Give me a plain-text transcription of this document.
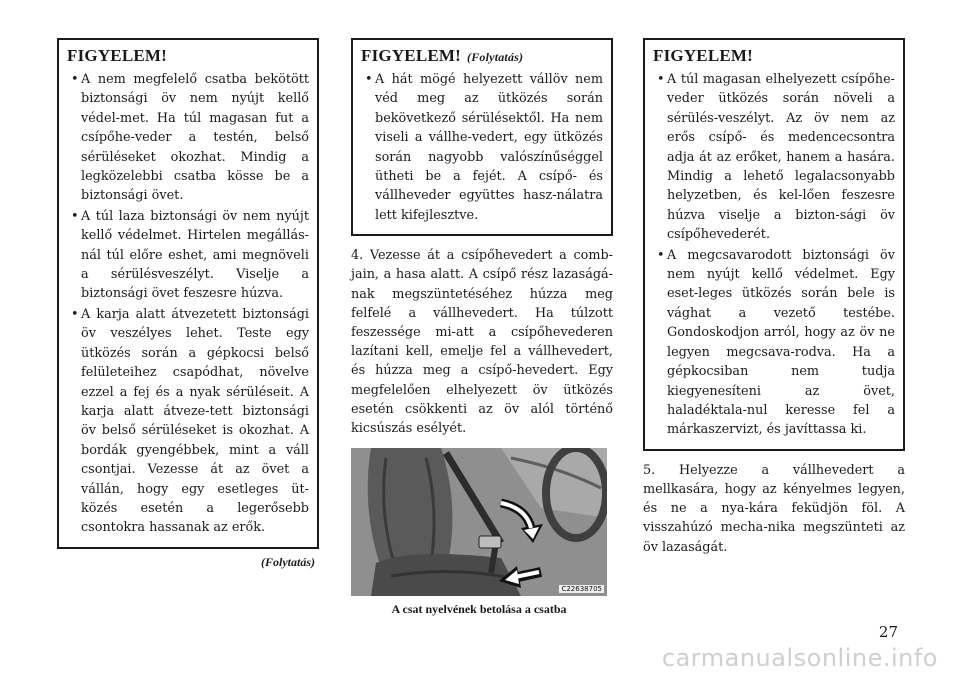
FIGYELEM!
• A nem megfelelő csatba bekötött biztonsági öv nem nyújt kellő védel-met. Ha túl magasan fut a csípőhe-veder a testén, belső sérüléseket okozhat. Mindig a legközelebbi csatba kösse be a biztonsági övet.
• A túl laza biztonsági öv nem nyújt kellő védelmet. Hirtelen megállás-nál túl előre eshet, ami megnöveli a sérülésveszélyt. Viselje a biztonsági övet feszesre húzva.
• A karja alatt átvezetett biztonsági öv veszélyes lehet. Teste egy ütközés során a gépkocsi belső felületeihez csapódhat, növelve ezzel a fej és a nyak sérüléseit. A karja alatt átveze-tett biztonsági öv belső sérüléseket is okozhat. A bordák gyengébbek, mint a váll csontjai. Vezesse át az övet a vállán, hogy egy esetleges üt-közés esetén a legerősebb csontokra hassanak az erők.
(Folytatás)
FIGYELEM! (Folytatás)
• A hát mögé helyezett vállöv nem véd meg az ütközés során bekövetkező sérülésektől. Ha nem viseli a vállhe-vedert, egy ütközés során nagyobb valószínűséggel ütheti be a fejét. A csípő- és vállheveder együttes hasz-nálatra lett kifejlesztve.

4. Vezesse át a csípőhevedert a comb-jain, a hasa alatt. A csípő rész lazaságá-nak megszüntetéséhez húzza meg felfelé a vállhevedert. Ha túlzott feszessége mi-att a csípőhevederen lazítani kell, emelje fel a vállhevedert, és húzza meg a csípő-hevedert. Egy megfelelően elhelyezett öv ütközés esetén csökkenti az öv alól történő kicsúszás esélyét.

C22638705
A csat nyelvének betolása a csatba
FIGYELEM!
• A túl magasan elhelyezett csípőhe-veder ütközés során növeli a sérülés-veszélyt. Az öv nem az erős csípő- és medencecsontra adja át az erőket, hanem a hasára. Mindig a lehető legalacsonyabb helyzetben, és kel-lően feszesre húzva viselje a bizton-sági öv csípőhevederét.
• A megcsavarodott biztonsági öv nem nyújt kellő védelmet. Egy eset-leges ütközés során bele is vághat a vezető testébe. Gondoskodjon arról, hogy az öv ne legyen megcsava-rodva. Ha a gépkocsiban nem tudja kiegyenesíteni az övet, haladéktala-nul keresse fel a márkaszervizt, és javíttassa ki.

5. Helyezze a vállhevedert a mellkasára, hogy az kényelmes legyen, és ne a nya-kára feküdjön föl. A visszahúzó mecha-nika megszünteti az öv lazaságát.

27
carmanualsonline.info
